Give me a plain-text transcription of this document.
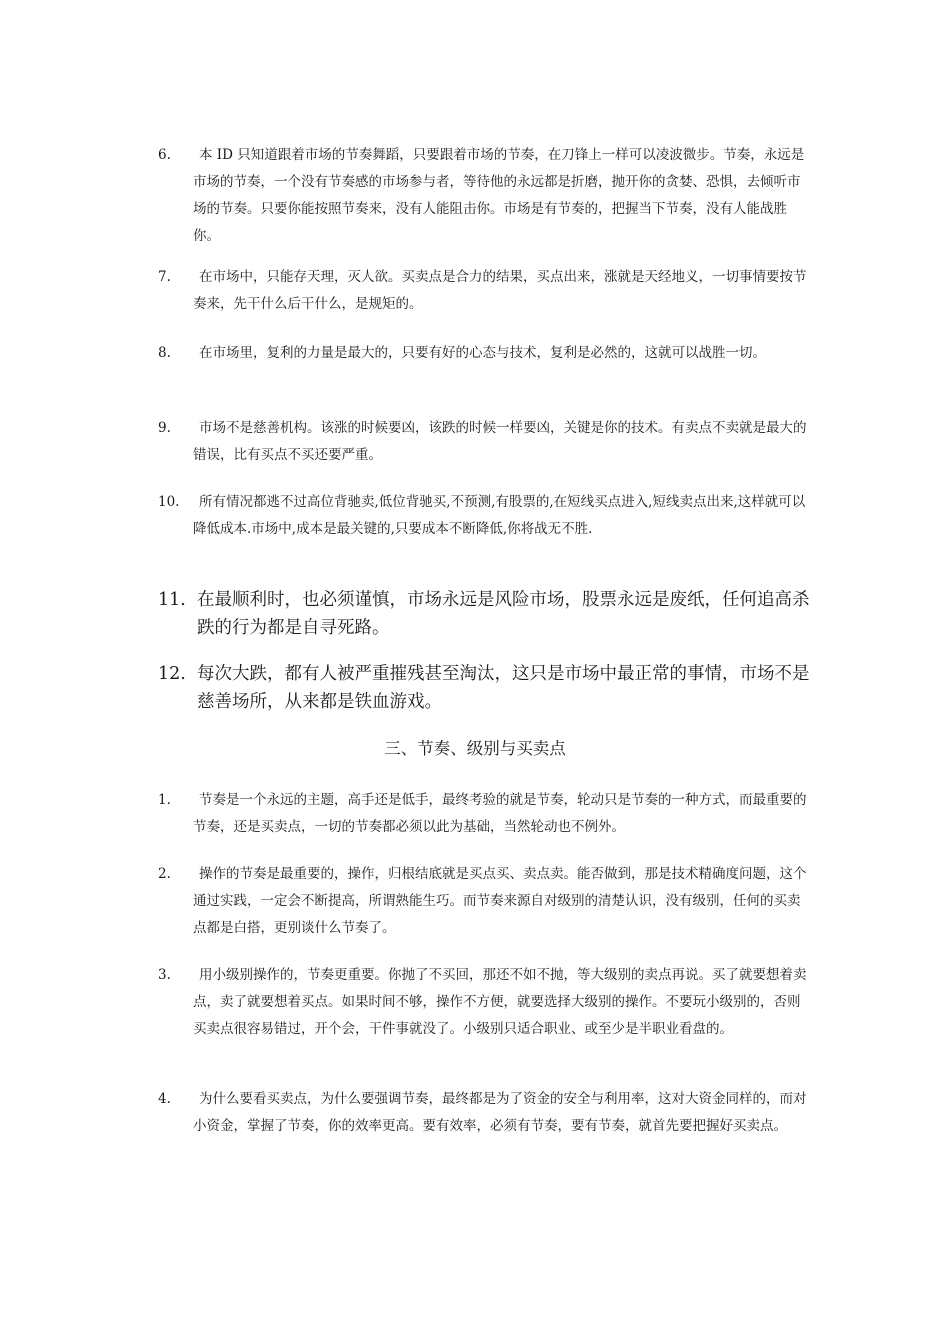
6.	本 ID 只知道跟着市场的节奏舞蹈，只要跟着市场的节奏，在刀锋上一样可以凌波微步。节奏，永远是市场的节奏，一个没有节奏感的市场参与者，等待他的永远都是折磨，抛开你的贪婪、恐惧，去倾听市场的节奏。只要你能按照节奏来，没有人能阻击你。市场是有节奏的，把握当下节奏，没有人能战胜你。
7.	在市场中，只能存天理，灭人欲。买卖点是合力的结果，买点出来，涨就是天经地义，一切事情要按节奏来，先干什么后干什么，是规矩的。
8.	在市场里，复利的力量是最大的，只要有好的心态与技术，复利是必然的，这就可以战胜一切。
9.	市场不是慈善机构。该涨的时候要凶，该跌的时候一样要凶，关键是你的技术。有卖点不卖就是最大的错误，比有买点不买还要严重。
10.	所有情况都逃不过高位背驰卖,低位背驰买,不预测,有股票的,在短线买点进入,短线卖点出来,这样就可以降低成本.市场中,成本是最关键的,只要成本不断降低,你将战无不胜.
11. 在最顺利时，也必须谨慎，市场永远是风险市场，股票永远是废纸，任何追高杀跌的行为都是自寻死路。
12. 每次大跌，都有人被严重摧残甚至淘汰，这只是市场中最正常的事情，市场不是慈善场所，从来都是铁血游戏。
三、节奏、级别与买卖点
1.	节奏是一个永远的主题，高手还是低手，最终考验的就是节奏，轮动只是节奏的一种方式，而最重要的节奏，还是买卖点，一切的节奏都必须以此为基础，当然轮动也不例外。
2.	操作的节奏是最重要的，操作，归根结底就是买点买、卖点卖。能否做到，那是技术精确度问题，这个通过实践，一定会不断提高，所谓熟能生巧。而节奏来源自对级别的清楚认识，没有级别，任何的买卖点都是白搭，更别谈什么节奏了。
3.	用小级别操作的，节奏更重要。你抛了不买回，那还不如不抛，等大级别的卖点再说。买了就要想着卖点，卖了就要想着买点。如果时间不够，操作不方便，就要选择大级别的操作。不要玩小级别的，否则买卖点很容易错过，开个会，干件事就没了。小级别只适合职业、或至少是半职业看盘的。
4.	为什么要看买卖点，为什么要强调节奏，最终都是为了资金的安全与利用率，这对大资金同样的，而对小资金，掌握了节奏，你的效率更高。要有效率，必须有节奏，要有节奏，就首先要把握好买卖点。
